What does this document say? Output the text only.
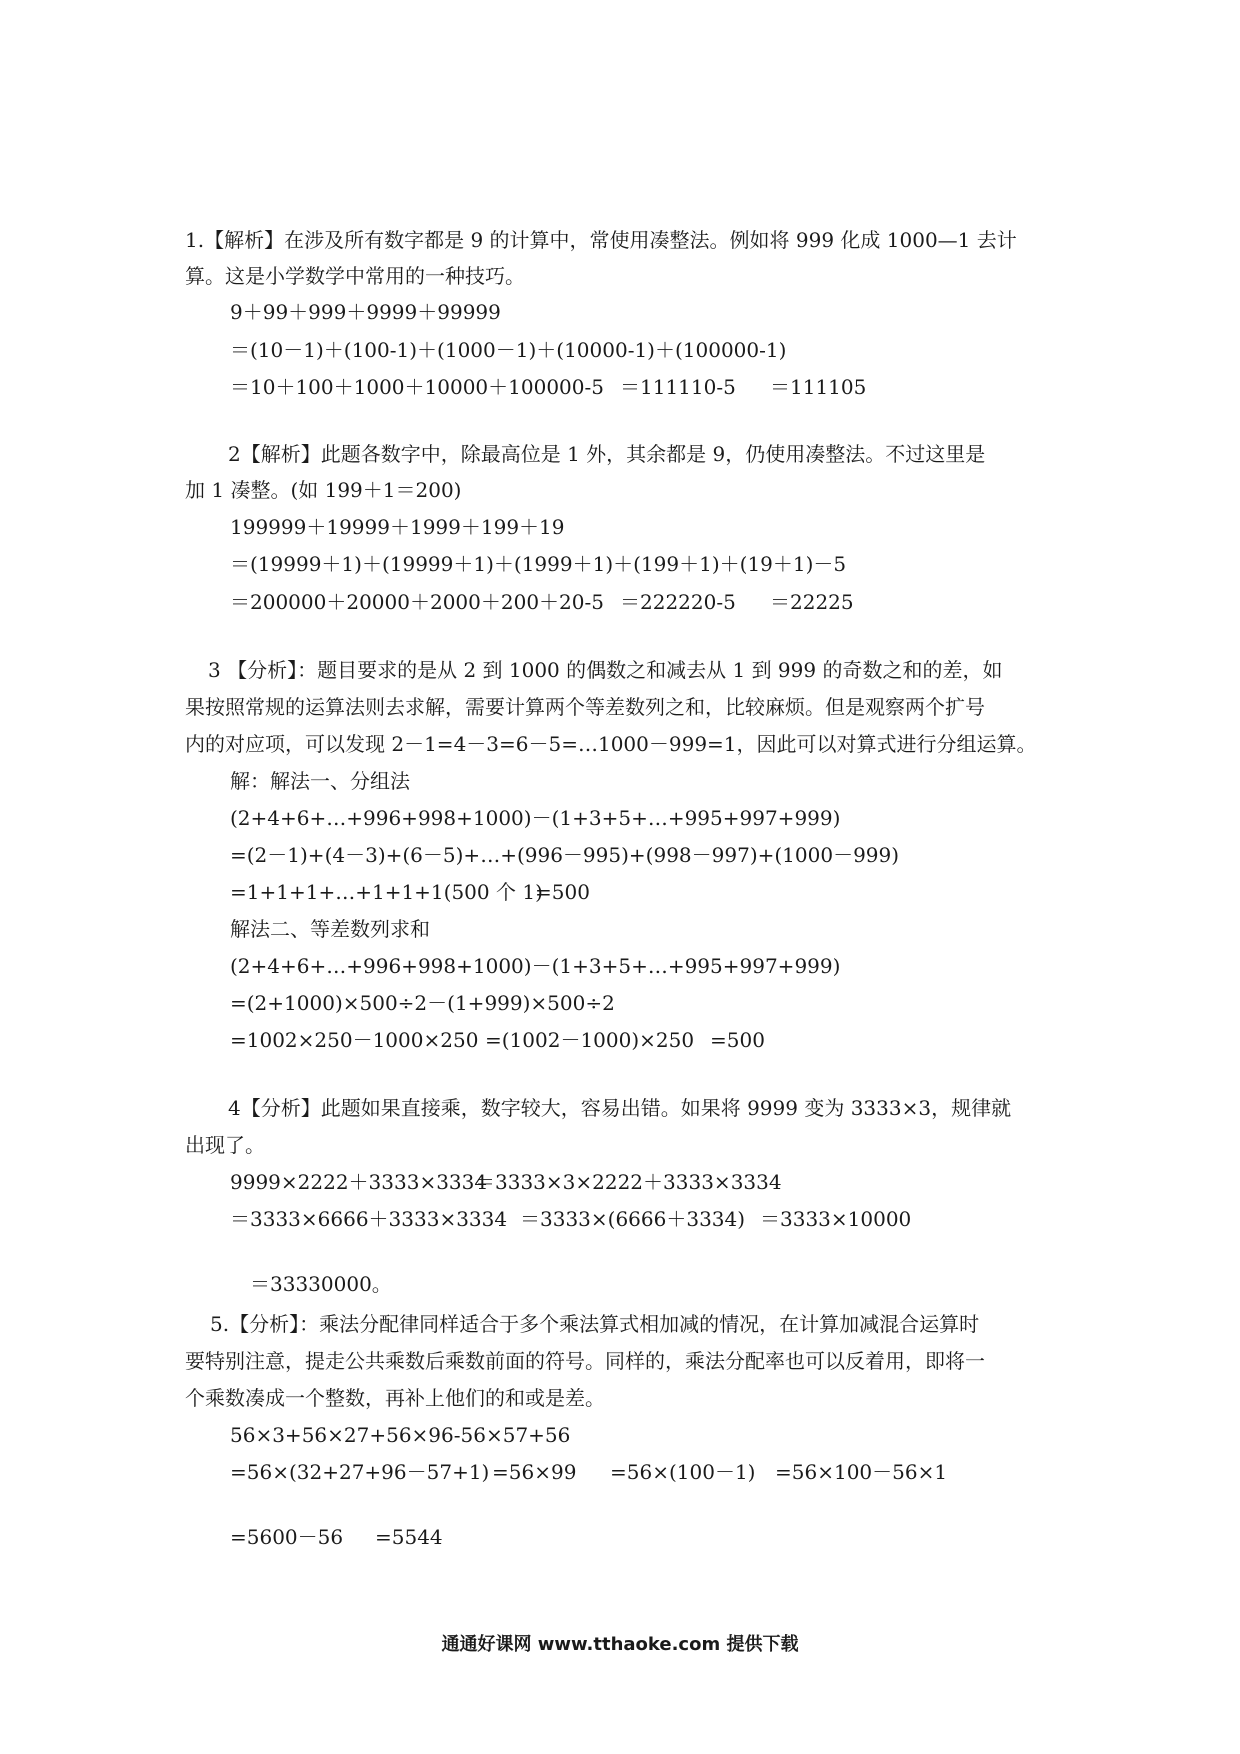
1.【解析】在涉及所有数字都是 9 的计算中，常使用凑整法。例如将 999 化成 1000—1 去计
算。这是小学数学中常用的一种技巧。
9＋99＋999＋9999＋99999
＝(10－1)＋(100-1)＋(1000－1)＋(10000-1)＋(100000-1)
＝10＋100＋1000＋10000＋100000-5 ＝111110-5 ＝111105
2【解析】此题各数字中，除最高位是 1 外，其余都是 9，仍使用凑整法。不过这里是
加 1 凑整。(如 199＋1＝200)
199999＋19999＋1999＋199＋19
＝(19999＋1)＋(19999＋1)＋(1999＋1)＋(199＋1)＋(19＋1)－5
＝200000＋20000＋2000＋200＋20-5 ＝222220-5 ＝22225
3 【分析】：题目要求的是从 2 到 1000 的偶数之和减去从 1 到 999 的奇数之和的差，如
果按照常规的运算法则去求解，需要计算两个等差数列之和，比较麻烦。但是观察两个扩号
内的对应项，可以发现 2－1=4－3=6－5=…1000－999=1，因此可以对算式进行分组运算。
解：解法一、分组法
(2+4+6+…+996+998+1000)－(1+3+5+…+995+997+999)
=(2－1)+(4－3)+(6－5)+…+(996－995)+(998－997)+(1000－999)
=1+1+1+…+1+1+1(500 个 1)
=500
解法二、等差数列求和
(2+4+6+…+996+998+1000)－(1+3+5+…+995+997+999)
=(2+1000)×500÷2－(1+999)×500÷2
=1002×250－1000×250 =(1002－1000)×250 =500
4【分析】此题如果直接乘，数字较大，容易出错。如果将 9999 变为 3333×3，规律就
出现了。
9999×2222＋3333×3334
＝3333×3×2222＋3333×3334
＝3333×6666＋3333×3334 ＝3333×(6666＋3334) ＝3333×10000
＝33330000。
5.【分析】：乘法分配律同样适合于多个乘法算式相加减的情况，在计算加减混合运算时
要特别注意，提走公共乘数后乘数前面的符号。同样的，乘法分配率也可以反着用，即将一
个乘数凑成一个整数，再补上他们的和或是差。
56×3+56×27+56×96-56×57+56
=56×(32+27+96－57+1) =56×99 =56×(100－1) =56×100－56×1
=5600－56 =5544
通通好课网 www.tthaoke.com 提供下载
